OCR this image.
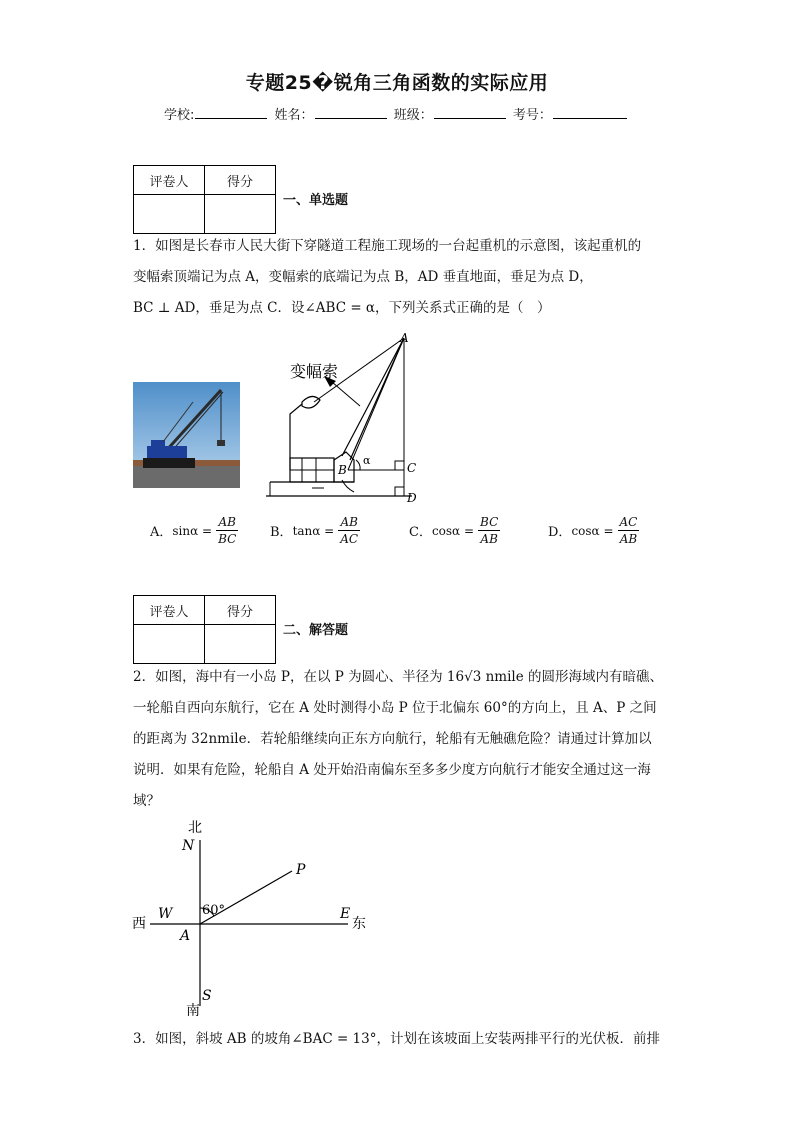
专题25�锐角三角函数的实际应用
学校:	姓名：	班级：	考号：
评卷人	得分

一、单选题

1．如图是长春市人民大街下穿隧道工程施工现场的一台起重机的示意图，该起重机的

变幅索顶端记为点 A，变幅索的底端记为点 B，AD 垂直地面，垂足为点 D，

BC ⊥ AD，垂足为点 C．设∠ABC = α，下列关系式正确的是（　）

变幅索
A
B	C
D
α
A． $\sin\alpha = \frac{AB}{BC}$ B． $\tan\alpha = \frac{AB}{AC}$	C． $\cos\alpha = \frac{BC}{AB}$	D． $\cos\alpha = \frac{AC}{AB}$
评卷人	得分

二、解答题

2．如图，海中有一小岛 P，在以 P 为圆心、半径为 16√3 nmile 的圆形海域内有暗礁、

一轮船自西向东航行，它在 A 处时测得小岛 P 位于北偏东 60°的方向上，且 A、P 之间

的距离为 32nmile．若轮船继续向正东方向航行，轮船有无触礁危险？请通过计算加以

说明．如果有危险，轮船自 A 处开始沿南偏东至多多少度方向航行才能安全通过这一海

域？

北
N
南
S
西
W	E
东
A
P
60°

3．如图，斜坡 AB 的坡角∠BAC = 13°，计划在该坡面上安装两排平行的光伏板．前排
